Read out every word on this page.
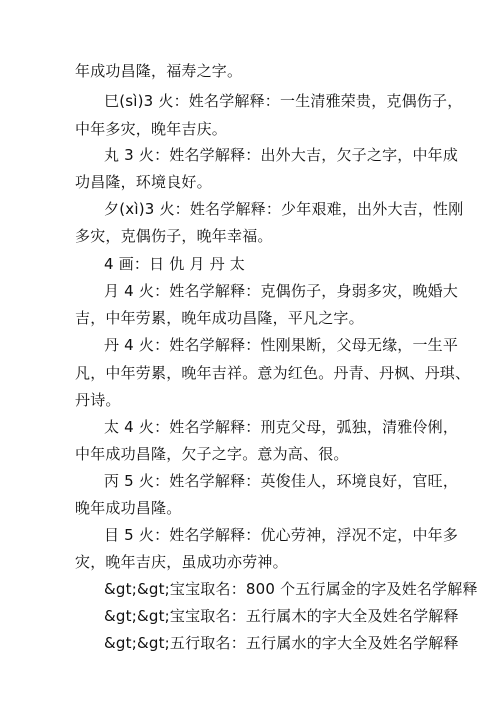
年成功昌隆，福寿之字。
巳(sì)3 火：姓名学解释：一生清雅荣贵，克偶伤子，
中年多灾，晚年吉庆。
丸 3 火：姓名学解释：出外大吉，欠子之字，中年成
功昌隆，环境良好。
夕(xì)3 火：姓名学解释：少年艰难，出外大吉，性刚
多灾，克偶伤子，晚年幸福。
4 画：日 仇 月 丹 太
月 4 火：姓名学解释：克偶伤子，身弱多灾，晚婚大
吉，中年劳累，晚年成功昌隆，平凡之字。
丹 4 火：姓名学解释：性刚果断，父母无缘，一生平
凡，中年劳累，晚年吉祥。意为红色。丹青、丹枫、丹琪、
丹诗。
太 4 火：姓名学解释：刑克父母，弧独，清雅伶俐，
中年成功昌隆，欠子之字。意为高、很。
丙 5 火：姓名学解释：英俊佳人，环境良好，官旺，
晚年成功昌隆。
目 5 火：姓名学解释：优心劳神，浮况不定，中年多
灾，晚年吉庆，虽成功亦劳神。
&gt;&gt;宝宝取名：800 个五行属金的字及姓名学解释
&gt;&gt;宝宝取名：五行属木的字大全及姓名学解释
&gt;&gt;五行取名：五行属水的字大全及姓名学解释
